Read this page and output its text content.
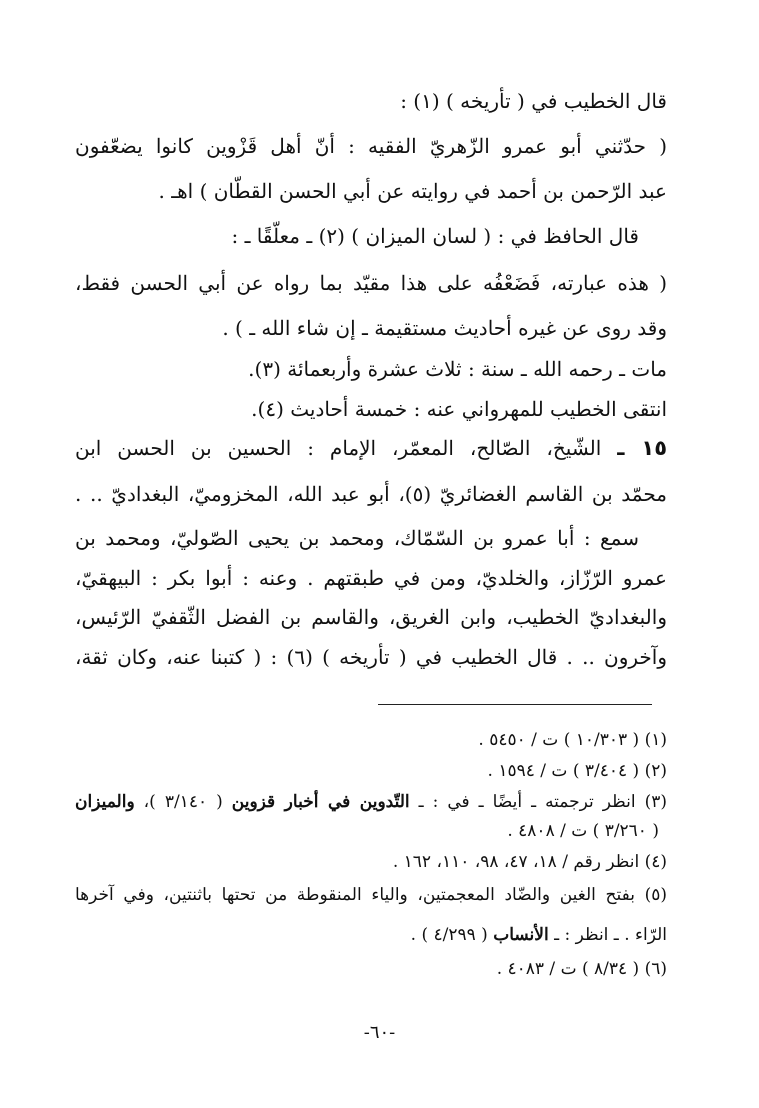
قال الخطيب في ( تأريخه ) (١) :
( حدّثني أبو عمرو الزّهريّ الفقيه : أنّ أهل قَزْوين كانوا يضعّفون
عبد الرّحمن بن أحمد في روايته عن أبي الحسن القطّان ) اهـ .
قال الحافظ في : ( لسان الميزان ) (٢) ـ معلّقًا ـ :
( هذه عبارته، فَضَعْفُه على هذا مقيّد بما رواه عن أبي الحسن فقط،
وقد روى عن غيره أحاديث مستقيمة ـ إن شاء الله ـ ) .
مات ـ رحمه الله ـ سنة : ثلاث عشرة وأربعمائة (٣).
انتقى الخطيب للمهرواني عنه : خمسة أحاديث (٤).
١٥ ـ الشّيخ، الصّالح، المعمّر، الإمام : الحسين بن الحسن ابن
محمّد بن القاسم الغضائريّ (٥)، أبو عبد الله، المخزوميّ، البغداديّ .. .
سمع : أبا عمرو بن السّمّاك، ومحمد بن يحيى الصّوليّ، ومحمد بن
عمرو الرّزّاز، والخلديّ، ومن في طبقتهم . وعنه : أبوا بكر : البيهقيّ،
والبغداديّ الخطيب، وابن الغريق، والقاسم بن الفضل الثّقفيّ الرّئيس،
وآخرون .. . قال الخطيب في ( تأريخه ) (٦) : ( كتبنا عنه، وكان ثقة،
(١) ( ١٠/٣٠٣ ) ت / ٥٤٥٠ .
(٢) ( ٣/٤٠٤ ) ت / ١٥٩٤ .
(٣) انظر ترجمته ـ أيضًا ـ في : ـ التّدوين في أخبار قزوين ( ٣/١٤٠ )، والميزان
( ٣/٢٦٠ ) ت / ٤٨٠٨ .
(٤) انظر رقم / ١٨، ٤٧، ٩٨، ١١٠، ١٦٢ .
(٥) بفتح الغين والضّاد المعجمتين، والياء المنقوطة من تحتها باثنتين، وفي آخرها
الرّاء . ـ انظر : ـ الأنساب ( ٤/٢٩٩ ) .
(٦) ( ٨/٣٤ ) ت / ٤٠٨٣ .
-٦٠-
